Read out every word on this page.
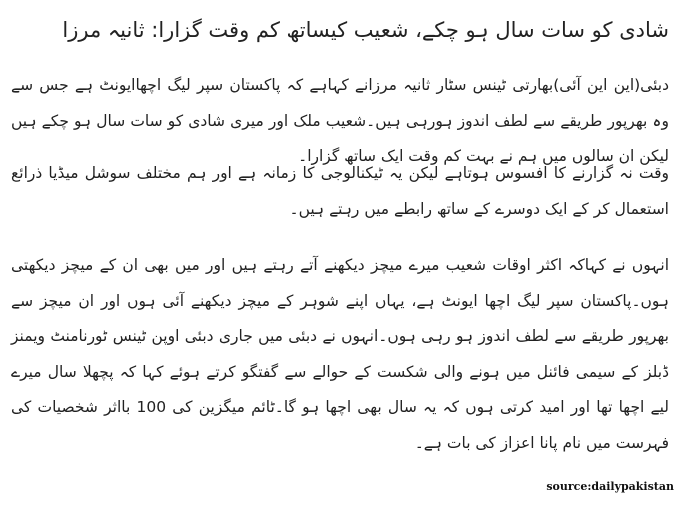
شادی کو سات سال ہو چکے، شعیب کیساتھ کم وقت گزارا: ثانیہ مرزا

دبئی(این این آئی)بھارتی ٹینس سٹار ثانیہ مرزانے کہاہے کہ پاکستان سپر لیگ اچھاایونٹ ہے جس سے وہ بھرپور طریقے سے لطف اندوز ہورہی ہیں۔شعیب ملک اور میری شادی کو سات سال ہو چکے ہیں لیکن ان سالوں میں ہم نے بہت کم وقت ایک ساتھ گزارا۔

وقت نہ گزارنے کا افسوس ہوتاہے لیکن یہ ٹیکنالوجی کا زمانہ ہے اور ہم مختلف سوشل میڈیا ذرائع استعمال کر کے ایک دوسرے کے ساتھ رابطے میں رہتے ہیں۔

انہوں نے کہاکہ اکثر اوقات شعیب میرے میچز دیکھنے آتے رہتے ہیں اور میں بھی ان کے میچز دیکھتی ہوں۔پاکستان سپر لیگ اچھا ایونٹ ہے، یہاں اپنے شوہر کے میچز دیکھنے آئی ہوں اور ان میچز سے بھرپور طریقے سے لطف اندوز ہو رہی ہوں۔انہوں نے دبئی میں جاری دبئی اوپن ٹینس ٹورنامنٹ ویمنز ڈبلز کے سیمی فائنل میں ہونے والی شکست کے حوالے سے گفتگو کرتے ہوئے کہا کہ پچھلا سال میرے لیے اچھا تھا اور امید کرتی ہوں کہ یہ سال بھی اچھا ہو گا۔ٹائم میگزین کی 100 بااثر شخصیات کی فہرست میں نام پانا اعزاز کی بات ہے۔

source:dailypakistan
